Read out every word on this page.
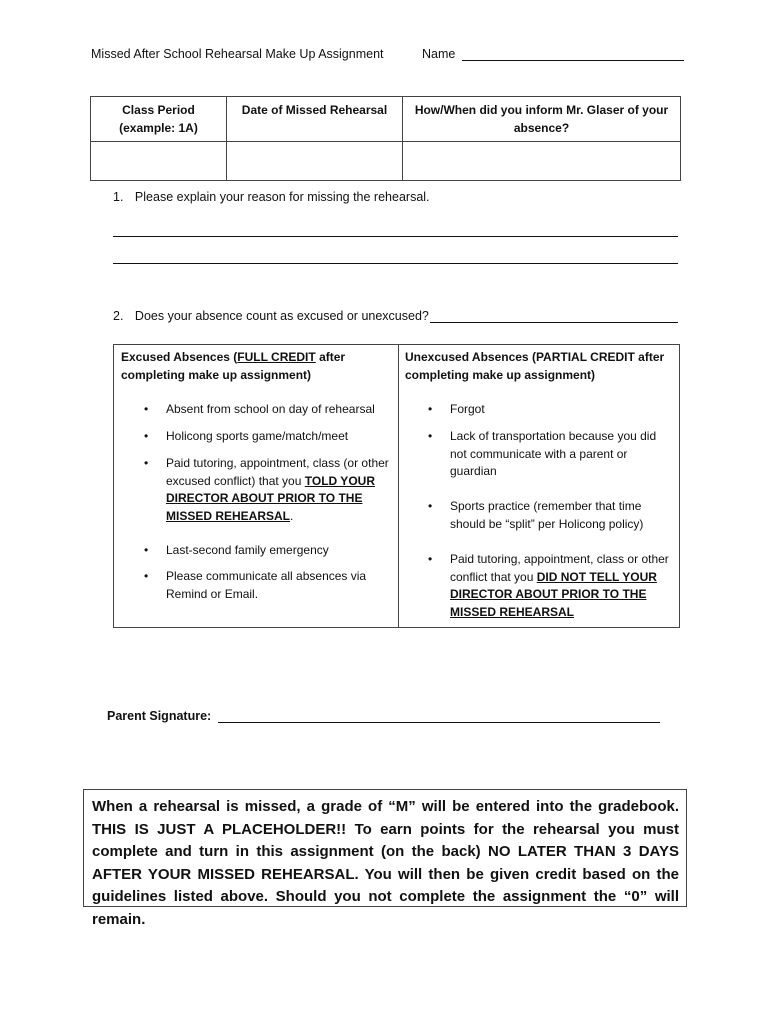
Missed After School Rehearsal Make Up Assignment	Name
Class Period (example: 1A)	Date of Missed Rehearsal	How/When did you inform Mr. Glaser of your absence?

1. Please explain your reason for missing the rehearsal.
2. Does your absence count as excused or unexcused?
Excused Absences (FULL CREDIT after completing make up assignment)
• Absent from school on day of rehearsal
• Holicong sports game/match/meet
• Paid tutoring, appointment, class (or other excused conflict) that you TOLD YOUR DIRECTOR ABOUT PRIOR TO THE MISSED REHEARSAL.
• Last-second family emergency
• Please communicate all absences via Remind or Email.
Unexcused Absences (PARTIAL CREDIT after completing make up assignment)
• Forgot
• Lack of transportation because you did not communicate with a parent or guardian
• Sports practice (remember that time should be “split” per Holicong policy)
• Paid tutoring, appointment, class or other conflict that you DID NOT TELL YOUR DIRECTOR ABOUT PRIOR TO THE MISSED REHEARSAL
Parent Signature:
When a rehearsal is missed, a grade of “M” will be entered into the gradebook. THIS IS JUST A PLACEHOLDER!! To earn points for the rehearsal you must complete and turn in this assignment (on the back) NO LATER THAN 3 DAYS AFTER YOUR MISSED REHEARSAL. You will then be given credit based on the guidelines listed above. Should you not complete the assignment the “0” will remain.
